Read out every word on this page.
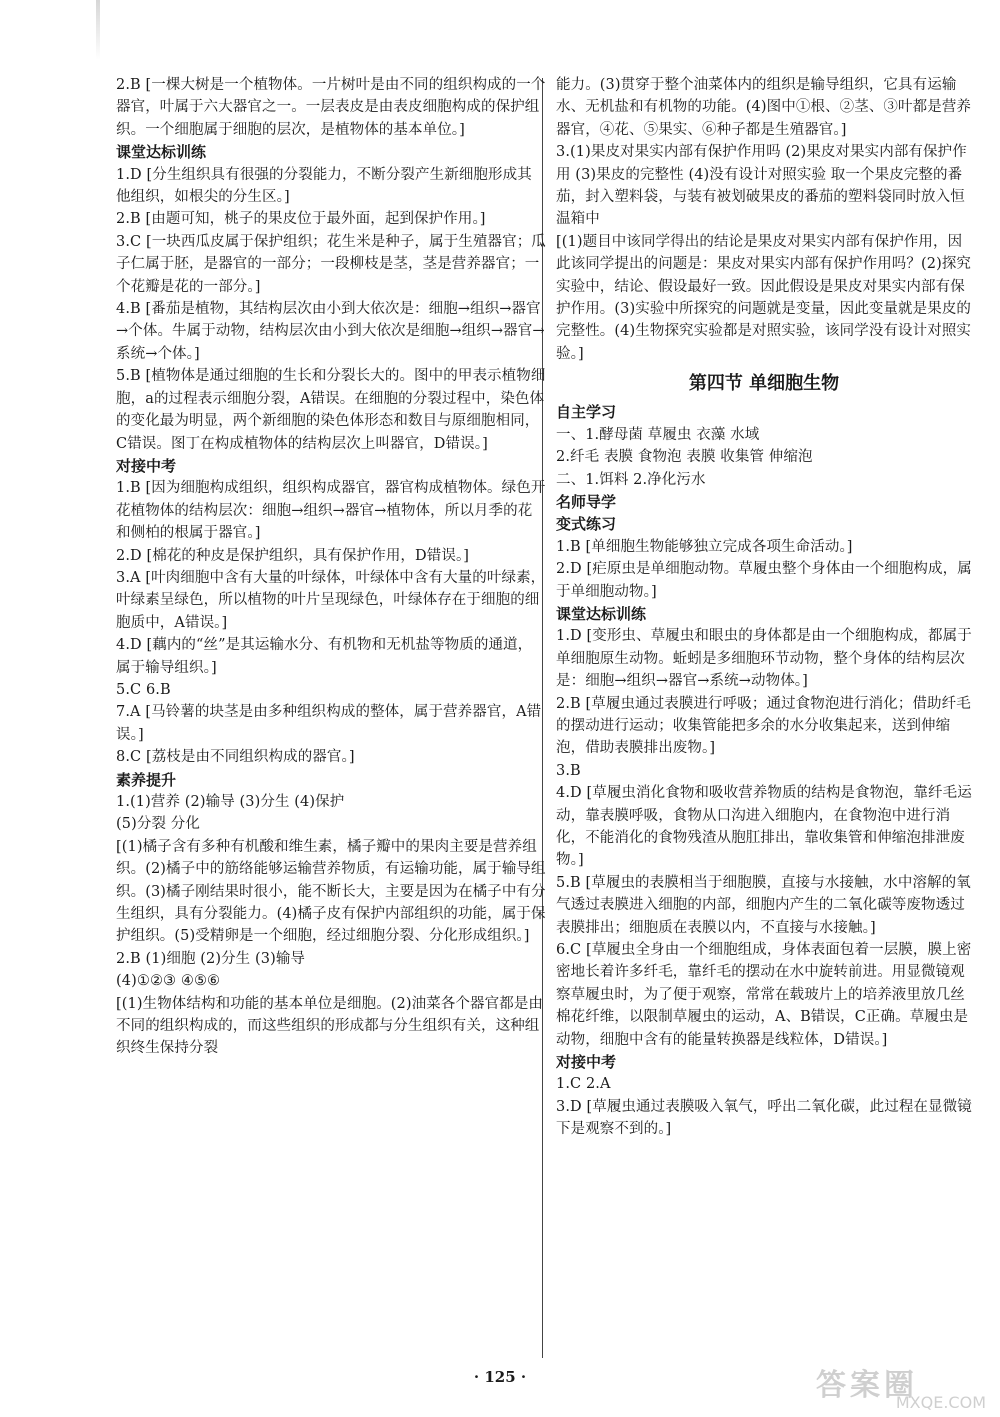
2.B [一棵大树是一个植物体。一片树叶是由不同的组织构成的一个器官，叶属于六大器官之一。一层表皮是由表皮细胞构成的保护组织。一个细胞属于细胞的层次，是植物体的基本单位。]
课堂达标训练
1.D [分生组织具有很强的分裂能力，不断分裂产生新细胞形成其他组织，如根尖的分生区。]
2.B [由题可知，桃子的果皮位于最外面，起到保护作用。]
3.C [一块西瓜皮属于保护组织；花生米是种子，属于生殖器官；瓜子仁属于胚，是器官的一部分；一段柳枝是茎，茎是营养器官；一个花瓣是花的一部分。]
4.B [番茄是植物，其结构层次由小到大依次是：细胞→组织→器官→个体。牛属于动物，结构层次由小到大依次是细胞→组织→器官→系统→个体。]
5.B [植物体是通过细胞的生长和分裂长大的。图中的甲表示植物细胞，a的过程表示细胞分裂，A错误。在细胞的分裂过程中，染色体的变化最为明显，两个新细胞的染色体形态和数目与原细胞相同，C错误。图丁在构成植物体的结构层次上叫器官，D错误。]
对接中考
1.B [因为细胞构成组织，组织构成器官，器官构成植物体。绿色开花植物体的结构层次：细胞→组织→器官→植物体，所以月季的花和侧柏的根属于器官。]
2.D [棉花的种皮是保护组织，具有保护作用，D错误。]
3.A [叶肉细胞中含有大量的叶绿体，叶绿体中含有大量的叶绿素，叶绿素呈绿色，所以植物的叶片呈现绿色，叶绿体存在于细胞的细胞质中，A错误。]
4.D [藕内的“丝”是其运输水分、有机物和无机盐等物质的通道，属于输导组织。]
5.C 6.B
7.A [马铃薯的块茎是由多种组织构成的整体，属于营养器官，A错误。]
8.C [荔枝是由不同组织构成的器官。]
素养提升
1.(1)营养 (2)输导 (3)分生 (4)保护
(5)分裂 分化
[(1)橘子含有多种有机酸和维生素，橘子瓣中的果肉主要是营养组织。(2)橘子中的筋络能够运输营养物质，有运输功能，属于输导组织。(3)橘子刚结果时很小，能不断长大，主要是因为在橘子中有分生组织，具有分裂能力。(4)橘子皮有保护内部组织的功能，属于保护组织。(5)受精卵是一个细胞，经过细胞分裂、分化形成组织。]
2.B (1)细胞 (2)分生 (3)输导
(4)①②③ ④⑤⑥
[(1)生物体结构和功能的基本单位是细胞。(2)油菜各个器官都是由不同的组织构成的，而这些组织的形成都与分生组织有关，这种组织终生保持分裂
能力。(3)贯穿于整个油菜体内的组织是输导组织，它具有运输水、无机盐和有机物的功能。(4)图中①根、②茎、③叶都是营养器官，④花、⑤果实、⑥种子都是生殖器官。]
3.(1)果皮对果实内部有保护作用吗 (2)果皮对果实内部有保护作用 (3)果皮的完整性 (4)没有设计对照实验 取一个果皮完整的番茄，封入塑料袋，与装有被划破果皮的番茄的塑料袋同时放入恒温箱中
[(1)题目中该同学得出的结论是果皮对果实内部有保护作用，因此该同学提出的问题是：果皮对果实内部有保护作用吗？(2)探究实验中，结论、假设最好一致。因此假设是果皮对果实内部有保护作用。(3)实验中所探究的问题就是变量，因此变量就是果皮的完整性。(4)生物探究实验都是对照实验，该同学没有设计对照实验。]
第四节 单细胞生物
自主学习
一、1.酵母菌 草履虫 衣藻 水域
2.纤毛 表膜 食物泡 表膜 收集管 伸缩泡
二、1.饵料 2.净化污水
名师导学
变式练习
1.B [单细胞生物能够独立完成各项生命活动。]
2.D [疟原虫是单细胞动物。草履虫整个身体由一个细胞构成，属于单细胞动物。]
课堂达标训练
1.D [变形虫、草履虫和眼虫的身体都是由一个细胞构成，都属于单细胞原生动物。蚯蚓是多细胞环节动物，整个身体的结构层次是：细胞→组织→器官→系统→动物体。]
2.B [草履虫通过表膜进行呼吸；通过食物泡进行消化；借助纤毛的摆动进行运动；收集管能把多余的水分收集起来，送到伸缩泡，借助表膜排出废物。]
3.B
4.D [草履虫消化食物和吸收营养物质的结构是食物泡，靠纤毛运动，靠表膜呼吸，食物从口沟进入细胞内，在食物泡中进行消化，不能消化的食物残渣从胞肛排出，靠收集管和伸缩泡排泄废物。]
5.B [草履虫的表膜相当于细胞膜，直接与水接触，水中溶解的氧气透过表膜进入细胞的内部，细胞内产生的二氧化碳等废物透过表膜排出；细胞质在表膜以内，不直接与水接触。]
6.C [草履虫全身由一个细胞组成，身体表面包着一层膜，膜上密密地长着许多纤毛，靠纤毛的摆动在水中旋转前进。用显微镜观察草履虫时，为了便于观察，常常在载玻片上的培养液里放几丝棉花纤维，以限制草履虫的运动，A、B错误，C正确。草履虫是动物，细胞中含有的能量转换器是线粒体，D错误。]
对接中考
1.C 2.A
3.D [草履虫通过表膜吸入氧气，呼出二氧化碳，此过程在显微镜下是观察不到的。]
· 125 ·	答案圈
MXQE.COM
